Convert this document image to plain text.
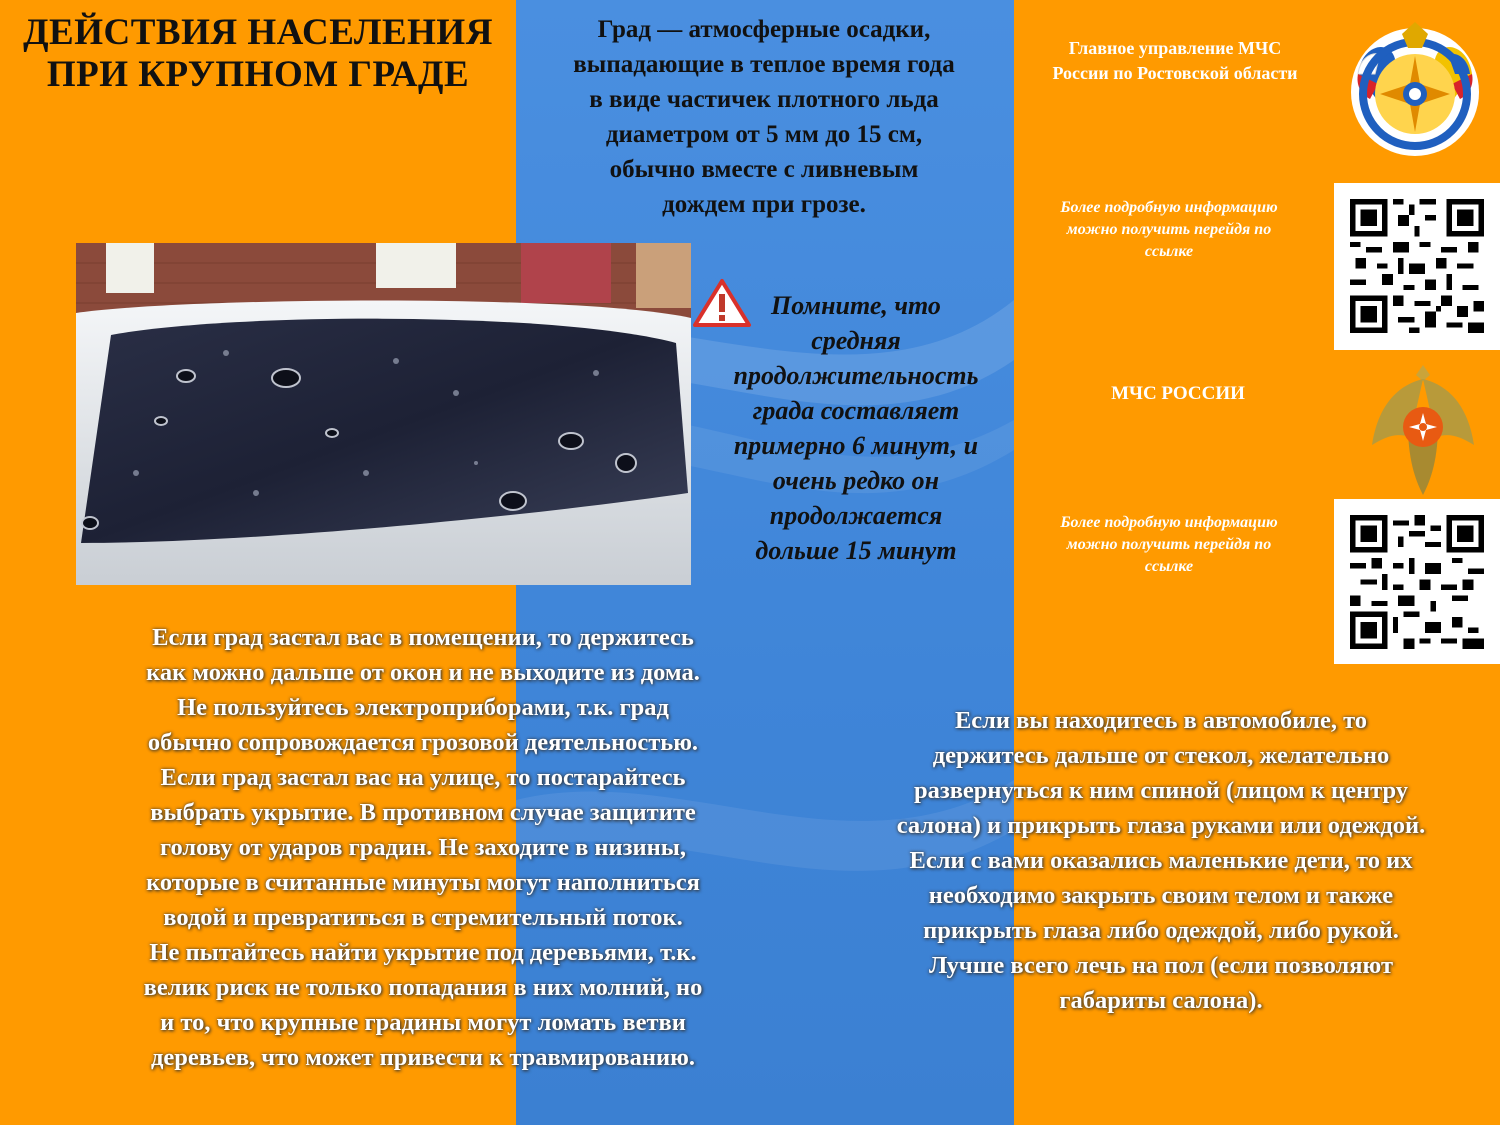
ДЕЙСТВИЯ НАСЕЛЕНИЯ
ПРИ КРУПНОМ ГРАДЕ
Град — атмосферные осадки,
выпадающие в теплое время года
в виде частичек плотного льда
диаметром от 5 мм до 15 см,
обычно вместе с ливневым
дождем при грозе.
Помните, что
средняя
продолжительность
града составляет
примерно 6 минут, и
очень редко он
продолжается
дольше 15 минут
Если град застал вас в помещении, то держитесь
как можно дальше от окон и не выходите из дома.
Не пользуйтесь электроприборами, т.к. град
обычно сопровождается грозовой деятельностью.
Если град застал вас на улице, то постарайтесь
выбрать укрытие. В противном случае защитите
голову от ударов градин. Не заходите в низины,
которые в считанные минуты могут наполниться
водой и превратиться в стремительный поток.
Не пытайтесь найти укрытие под деревьями, т.к.
велик риск не только попадания в них молний, но
и то, что крупные градины могут ломать ветви
деревьев, что может привести к травмированию.
Если вы находитесь в автомобиле, то
держитесь дальше от стекол, желательно
развернуться к ним спиной (лицом к центру
салона) и прикрыть глаза руками или одеждой.
Если с вами оказались маленькие дети, то их
необходимо закрыть своим телом и также
прикрыть глаза либо одеждой, либо рукой.
Лучше всего лечь на пол (если позволяют
габариты салона).
Главное управление МЧС
России по Ростовской области
Более подробную информацию
можно получить перейдя по
ссылке
МЧС РОССИИ
Более подробную информацию
можно получить перейдя по
ссылке
